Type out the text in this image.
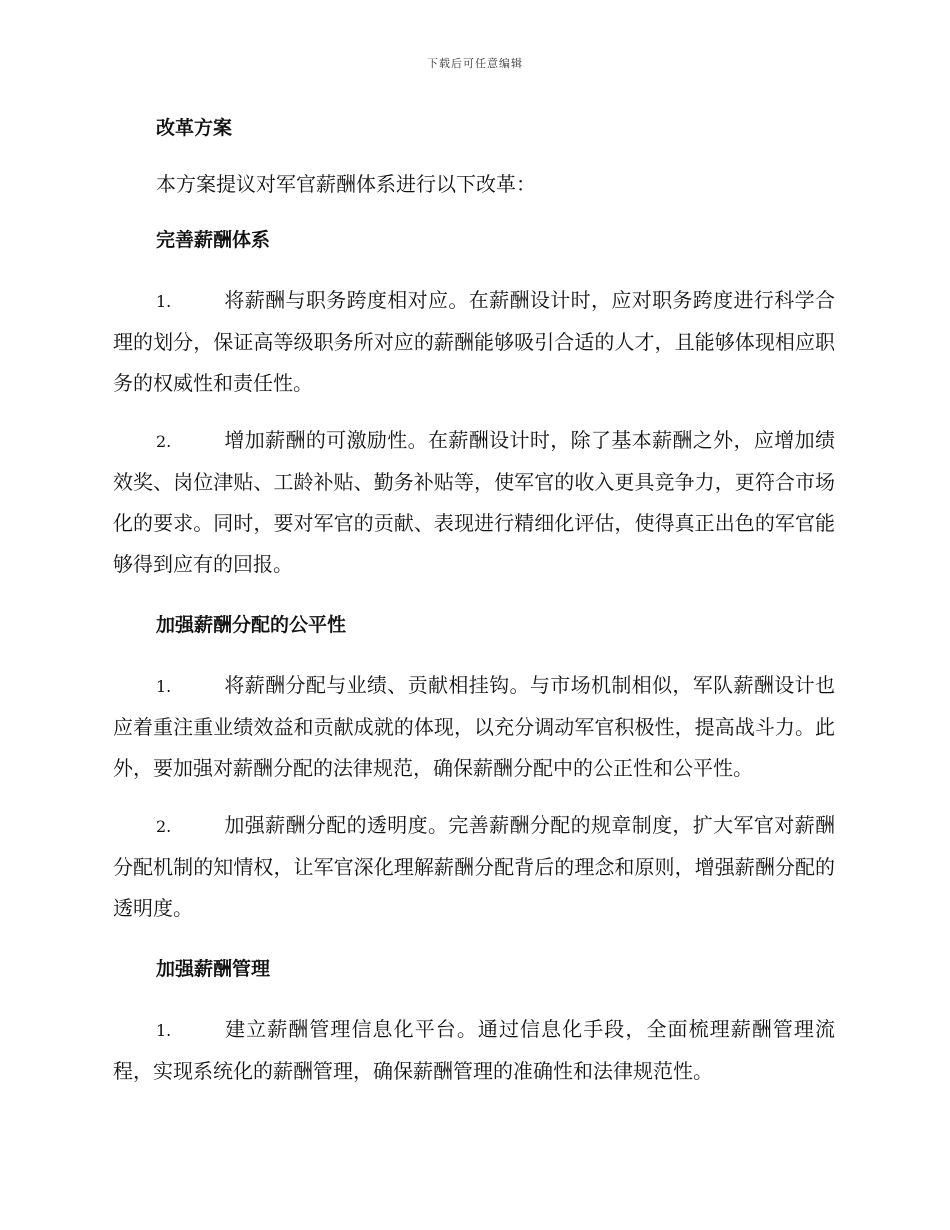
下载后可任意编辑
改革方案
本方案提议对军官薪酬体系进行以下改革：
完善薪酬体系

1.	将薪酬与职务跨度相对应。在薪酬设计时，应对职务跨度进行科学合理的划分，保证高等级职务所对应的薪酬能够吸引合适的人才，且能够体现相应职务的权威性和责任性。

2.	增加薪酬的可激励性。在薪酬设计时，除了基本薪酬之外，应增加绩效奖、岗位津贴、工龄补贴、勤务补贴等，使军官的收入更具竞争力，更符合市场化的要求。同时，要对军官的贡献、表现进行精细化评估，使得真正出色的军官能够得到应有的回报。

加强薪酬分配的公平性

1.	将薪酬分配与业绩、贡献相挂钩。与市场机制相似，军队薪酬设计也应着重注重业绩效益和贡献成就的体现，以充分调动军官积极性，提高战斗力。此外，要加强对薪酬分配的法律规范，确保薪酬分配中的公正性和公平性。

2.	加强薪酬分配的透明度。完善薪酬分配的规章制度，扩大军官对薪酬分配机制的知情权，让军官深化理解薪酬分配背后的理念和原则，增强薪酬分配的透明度。

加强薪酬管理

1.	建立薪酬管理信息化平台。通过信息化手段，全面梳理薪酬管理流程，实现系统化的薪酬管理，确保薪酬管理的准确性和法律规范性。
